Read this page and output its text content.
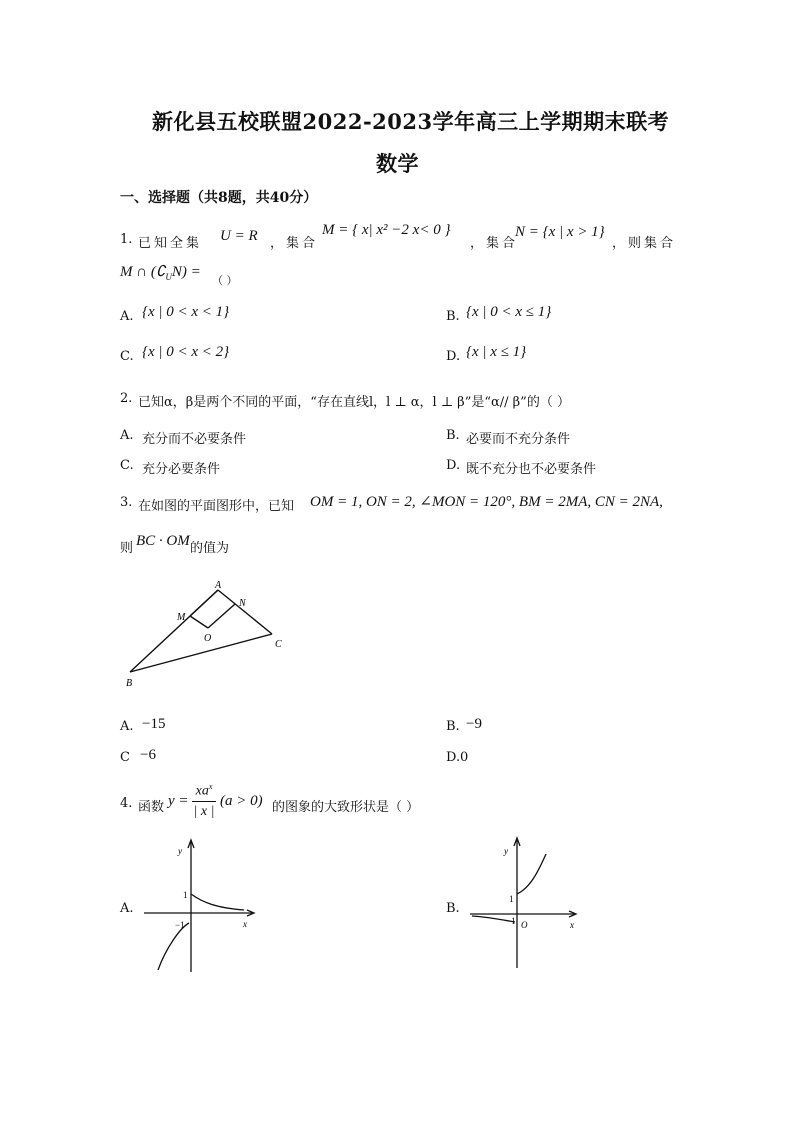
新化县五校联盟2022-2023学年高三上学期期末联考
数学
一、选择题（共8题，共40分）
1. 已知全集 U = R ，集合
M = { x| x² −2 x< 0 }
，集合
N = {x | x > 1}
，则集合
M ∩ $(∁_UN)$ =
（ ）
A. {x | 0 < x < 1}	B. {x | 0 < x ≤ 1}
C. {x | 0 < x < 2}	D. {x | x ≤ 1}
2. 已知α，β是两个不同的平面，“存在直线l，l ⊥ α，l ⊥ β”是“α// β”的（ ）
A. 充分而不必要条件	B. 必要而不充分条件
C. 充分必要条件	D. 既不充分也不必要条件
3. 在如图的平面图形中，已知 OM = 1, ON = 2, ∠MON = 120°, BM = 2MA, CN = 2NA,
则 BC · OM 的值为
A
M
N
O
B
C
A. −15	B. −9
C −6	D. 0
4. 函数 y =
$xa^x$
| x |
(a > 0) 的图象的大致形状是（ ）
A.
y
x
1
−1
B.
y
x
1
−1 O
